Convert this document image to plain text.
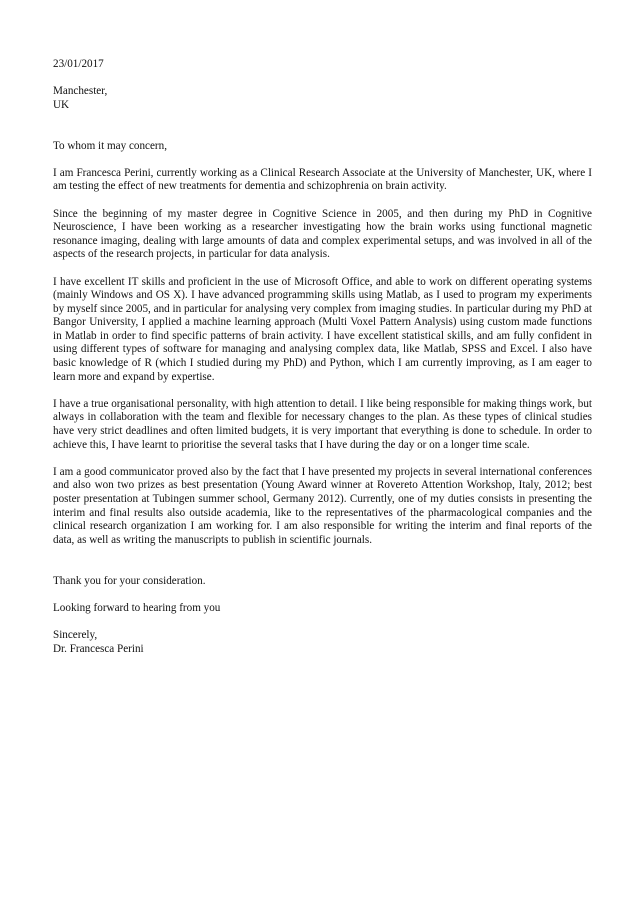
23/01/2017
Manchester,
UK
To whom it may concern,

I am Francesca Perini, currently working as a Clinical Research Associate at the University of Manchester, UK, where I am testing the effect of new treatments for dementia and schizophrenia on brain activity.

Since the beginning of my master degree in Cognitive Science in 2005, and then during my PhD in Cognitive Neuroscience, I have been working as a researcher investigating how the brain works using functional magnetic resonance imaging, dealing with large amounts of data and complex experimental setups, and was involved in all of the aspects of the research projects, in particular for data analysis.

I have excellent IT skills and proficient in the use of Microsoft Office, and able to work on different operating systems (mainly Windows and OS X). I have advanced programming skills using Matlab, as I used to program my experiments by myself since 2005, and in particular for analysing very complex from imaging studies. In particular during my PhD at Bangor University, I applied a machine learning approach (Multi Voxel Pattern Analysis) using custom made functions in Matlab in order to find specific patterns of brain activity. I have excellent statistical skills, and am fully confident in using different types of software for managing and analysing complex data, like Matlab, SPSS and Excel. I also have basic knowledge of R (which I studied during my PhD) and Python, which I am currently improving, as I am eager to learn more and expand by expertise.

I have a true organisational personality, with high attention to detail. I like being responsible for making things work, but always in collaboration with the team and flexible for necessary changes to the plan. As these types of clinical studies have very strict deadlines and often limited budgets, it is very important that everything is done to schedule. In order to achieve this, I have learnt to prioritise the several tasks that I have during the day or on a longer time scale.

I am a good communicator proved also by the fact that I have presented my projects in several international conferences and also won two prizes as best presentation (Young Award winner at Rovereto Attention Workshop, Italy, 2012; best poster presentation at Tubingen summer school, Germany 2012). Currently, one of my duties consists in presenting the interim and final results also outside academia, like to the representatives of the pharmacological companies and the clinical research organization I am working for. I am also responsible for writing the interim and final reports of the data, as well as writing the manuscripts to publish in scientific journals.

Thank you for your consideration.
Looking forward to hearing from you
Sincerely,
Dr. Francesca Perini
